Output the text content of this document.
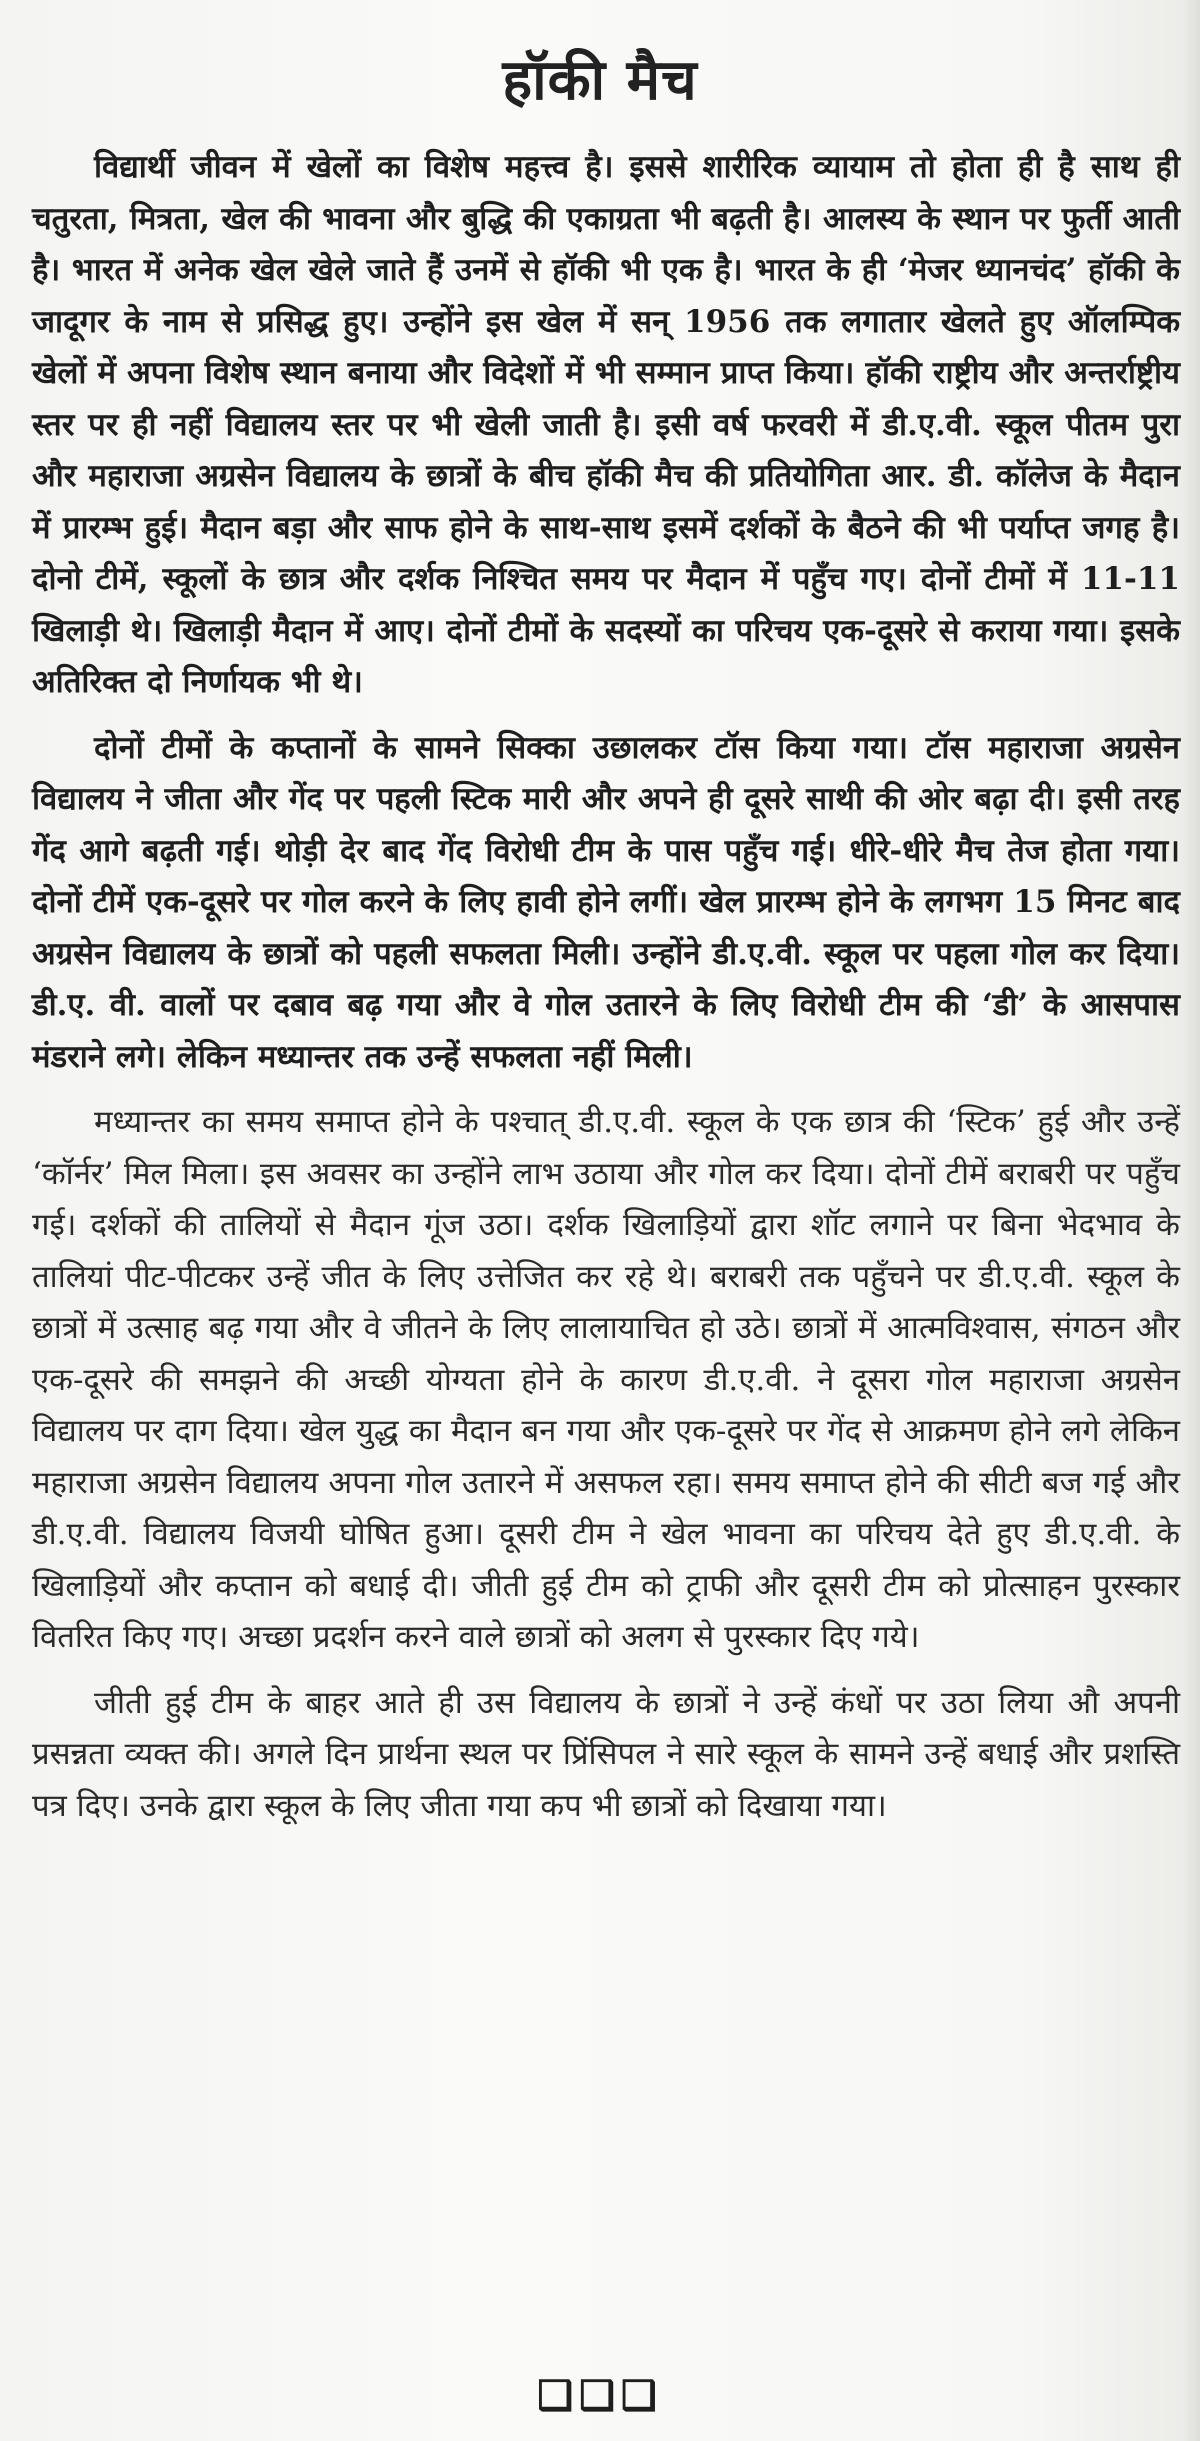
हॉकी मैच

विद्यार्थी जीवन में खेलों का विशेष महत्त्व है। इससे शारीरिक व्यायाम तो होता ही है साथ ही चतुरता, मित्रता, खेल की भावना और बुद्धि की एकाग्रता भी बढ़ती है। आलस्य के स्थान पर फुर्ती आती है। भारत में अनेक खेल खेले जाते हैं उनमें से हॉकी भी एक है। भारत के ही ‘मेजर ध्यानचंद’ हॉकी के जादूगर के नाम से प्रसिद्ध हुए। उन्होंने इस खेल में सन् 1956 तक लगातार खेलते हुए ऑलम्पिक खेलों में अपना विशेष स्थान बनाया और विदेशों में भी सम्मान प्राप्त किया। हॉकी राष्ट्रीय और अन्तर्राष्ट्रीय स्तर पर ही नहीं विद्यालय स्तर पर भी खेली जाती है। इसी वर्ष फरवरी में डी.ए.वी. स्कूल पीतम पुरा और महाराजा अग्रसेन विद्यालय के छात्रों के बीच हॉकी मैच की प्रतियोगिता आर. डी. कॉलेज के मैदान में प्रारम्भ हुई। मैदान बड़ा और साफ होने के साथ-साथ इसमें दर्शकों के बैठने की भी पर्याप्त जगह है। दोनो टीमें, स्कूलों के छात्र और दर्शक निश्चित समय पर मैदान में पहुँच गए। दोनों टीमों में 11-11 खिलाड़ी थे। खिलाड़ी मैदान में आए। दोनों टीमों के सदस्यों का परिचय एक-दूसरे से कराया गया। इसके अतिरिक्त दो निर्णायक भी थे।

दोनों टीमों के कप्तानों के सामने सिक्का उछालकर टॉस किया गया। टॉस महाराजा अग्रसेन विद्यालय ने जीता और गेंद पर पहली स्टिक मारी और अपने ही दूसरे साथी की ओर बढ़ा दी। इसी तरह गेंद आगे बढ़ती गई। थोड़ी देर बाद गेंद विरोधी टीम के पास पहुँच गई। धीरे-धीरे मैच तेज होता गया। दोनों टीमें एक-दूसरे पर गोल करने के लिए हावी होने लगीं। खेल प्रारम्भ होने के लगभग 15 मिनट बाद अग्रसेन विद्यालय के छात्रों को पहली सफलता मिली। उन्होंने डी.ए.वी. स्कूल पर पहला गोल कर दिया। डी.ए. वी. वालों पर दबाव बढ़ गया और वे गोल उतारने के लिए विरोधी टीम की ‘डी’ के आसपास मंडराने लगे। लेकिन मध्यान्तर तक उन्हें सफलता नहीं मिली।

मध्यान्तर का समय समाप्त होने के पश्चात् डी.ए.वी. स्कूल के एक छात्र की ‘स्टिक’ हुई और उन्हें ‘कॉर्नर’ मिल मिला। इस अवसर का उन्होंने लाभ उठाया और गोल कर दिया। दोनों टीमें बराबरी पर पहुँच गई। दर्शकों की तालियों से मैदान गूंज उठा। दर्शक खिलाड़ियों द्वारा शॉट लगाने पर बिना भेदभाव के तालियां पीट-पीटकर उन्हें जीत के लिए उत्तेजित कर रहे थे। बराबरी तक पहुँचने पर डी.ए.वी. स्कूल के छात्रों में उत्साह बढ़ गया और वे जीतने के लिए लालायाचित हो उठे। छात्रों में आत्मविश्वास, संगठन और एक-दूसरे की समझने की अच्छी योग्यता होने के कारण डी.ए.वी. ने दूसरा गोल महाराजा अग्रसेन विद्यालय पर दाग दिया। खेल युद्ध का मैदान बन गया और एक-दूसरे पर गेंद से आक्रमण होने लगे लेकिन महाराजा अग्रसेन विद्यालय अपना गोल उतारने में असफल रहा। समय समाप्त होने की सीटी बज गई और डी.ए.वी. विद्यालय विजयी घोषित हुआ। दूसरी टीम ने खेल भावना का परिचय देते हुए डी.ए.वी. के खिलाड़ियों और कप्तान को बधाई दी। जीती हुई टीम को ट्राफी और दूसरी टीम को प्रोत्साहन पुरस्कार वितरित किए गए। अच्छा प्रदर्शन करने वाले छात्रों को अलग से पुरस्कार दिए गये।

जीती हुई टीम के बाहर आते ही उस विद्यालय के छात्रों ने उन्हें कंधों पर उठा लिया औ अपनी प्रसन्नता व्यक्त की। अगले दिन प्रार्थना स्थल पर प्रिंसिपल ने सारे स्कूल के सामने उन्हें बधाई और प्रशस्ति पत्र दिए। उनके द्वारा स्कूल के लिए जीता गया कप भी छात्रों को दिखाया गया।

❑❑❑
